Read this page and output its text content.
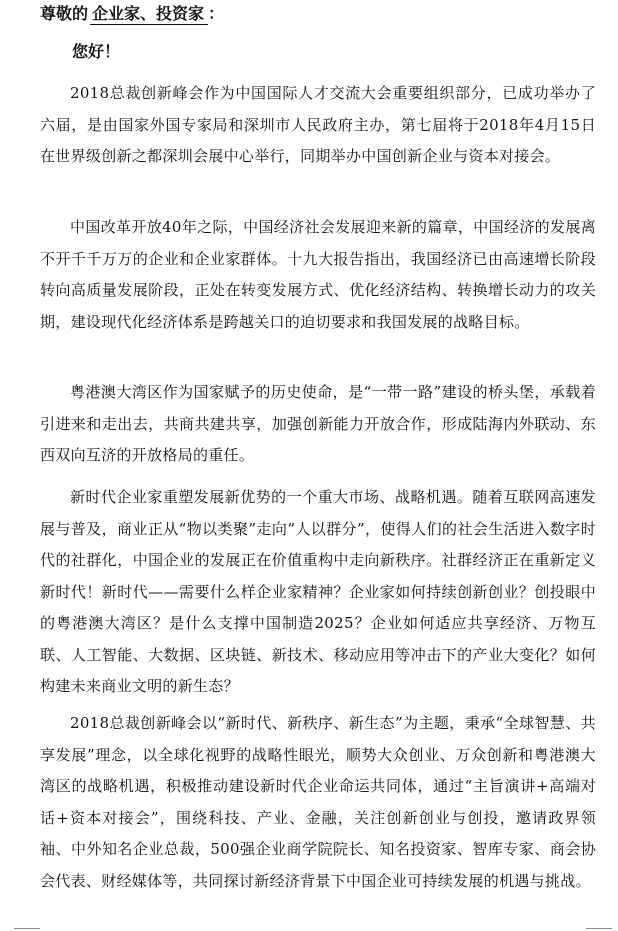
尊敬的 企业家、投资家 ：
您好！

2018总裁创新峰会作为中国国际人才交流大会重要组织部分，已成功举办了六届，是由国家外国专家局和深圳市人民政府主办，第七届将于2018年4月15日在世界级创新之都深圳会展中心举行，同期举办中国创新企业与资本对接会。

中国改革开放40年之际，中国经济社会发展迎来新的篇章，中国经济的发展离不开千千万万的企业和企业家群体。十九大报告指出，我国经济已由高速增长阶段转向高质量发展阶段，正处在转变发展方式、优化经济结构、转换增长动力的攻关期，建设现代化经济体系是跨越关口的迫切要求和我国发展的战略目标。

粤港澳大湾区作为国家赋予的历史使命，是“一带一路”建设的桥头堡，承载着引进来和走出去，共商共建共享，加强创新能力开放合作，形成陆海内外联动、东西双向互济的开放格局的重任。

新时代企业家重塑发展新优势的一个重大市场、战略机遇。随着互联网高速发展与普及，商业正从“物以类聚”走向“人以群分”，使得人们的社会生活进入数字时代的社群化，中国企业的发展正在价值重构中走向新秩序。社群经济正在重新定义新时代！新时代——需要什么样企业家精神？企业家如何持续创新创业？创投眼中的粤港澳大湾区？是什么支撑中国制造2025？企业如何适应共享经济、万物互联、人工智能、大数据、区块链、新技术、移动应用等冲击下的产业大变化？如何构建未来商业文明的新生态？

2018总裁创新峰会以“新时代、新秩序、新生态”为主题，秉承“全球智慧、共享发展”理念，以全球化视野的战略性眼光，顺势大众创业、万众创新和粤港澳大湾区的战略机遇，积极推动建设新时代企业命运共同体，通过“主旨演讲+高端对话+资本对接会”，围绕科技、产业、金融，关注创新创业与创投，邀请政界领袖、中外知名企业总裁，500强企业商学院院长、知名投资家、智库专家、商会协会代表、财经媒体等，共同探讨新经济背景下中国企业可持续发展的机遇与挑战。
